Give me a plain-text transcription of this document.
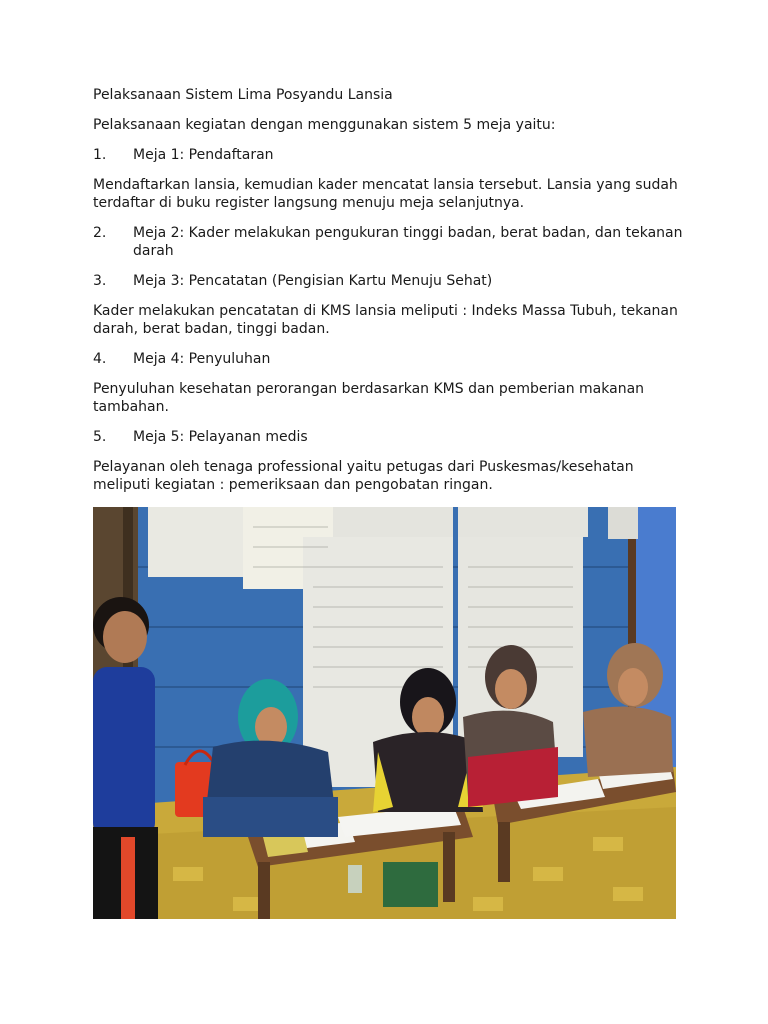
Pelaksanaan Sistem Lima Posyandu Lansia

Pelaksanaan kegiatan dengan menggunakan sistem 5 meja yaitu:

1.	Meja 1: Pendaftaran

Mendaftarkan lansia, kemudian kader mencatat lansia tersebut. Lansia yang sudah terdaftar di buku register langsung menuju meja selanjutnya.

2.	Meja 2: Kader melakukan pengukuran tinggi badan, berat badan, dan tekanan darah
3.	Meja 3: Pencatatan (Pengisian Kartu Menuju Sehat)

Kader melakukan pencatatan di KMS lansia meliputi : Indeks Massa Tubuh, tekanan darah, berat badan, tinggi badan.

4.	Meja 4: Penyuluhan

Penyuluhan kesehatan perorangan berdasarkan KMS dan pemberian makanan tambahan.

5.	Meja 5: Pelayanan medis

Pelayanan oleh tenaga professional yaitu petugas dari Puskesmas/kesehatan meliputi kegiatan : pemeriksaan dan pengobatan ringan.
